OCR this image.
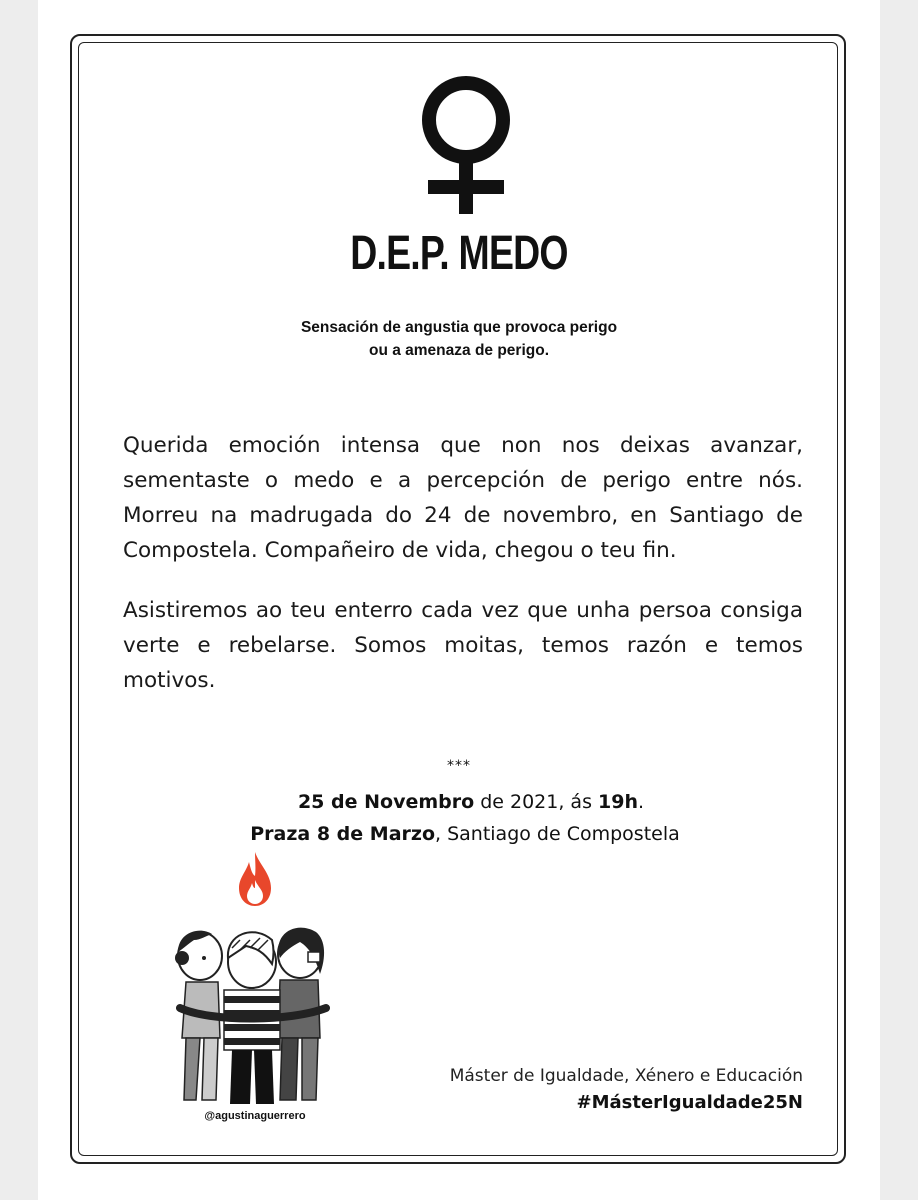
D.E.P. MEDO
Sensación de angustia que provoca perigo
ou a amenaza de perigo.
Querida emoción intensa que non nos deixas avanzar, sementaste o medo e a percepción de perigo entre nós. Morreu na madrugada do 24 de novembro, en Santiago de Compostela. Compañeiro de vida, chegou o teu fin.
Asistiremos ao teu enterro cada vez que unha persoa consiga verte e rebelarse. Somos moitas, temos razón e temos motivos.
***
25 de Novembro de 2021, ás 19h.
Praza 8 de Marzo, Santiago de Compostela
@agustinaguerrero
Máster de Igualdade, Xénero e Educación
#MásterIgualdade25N
